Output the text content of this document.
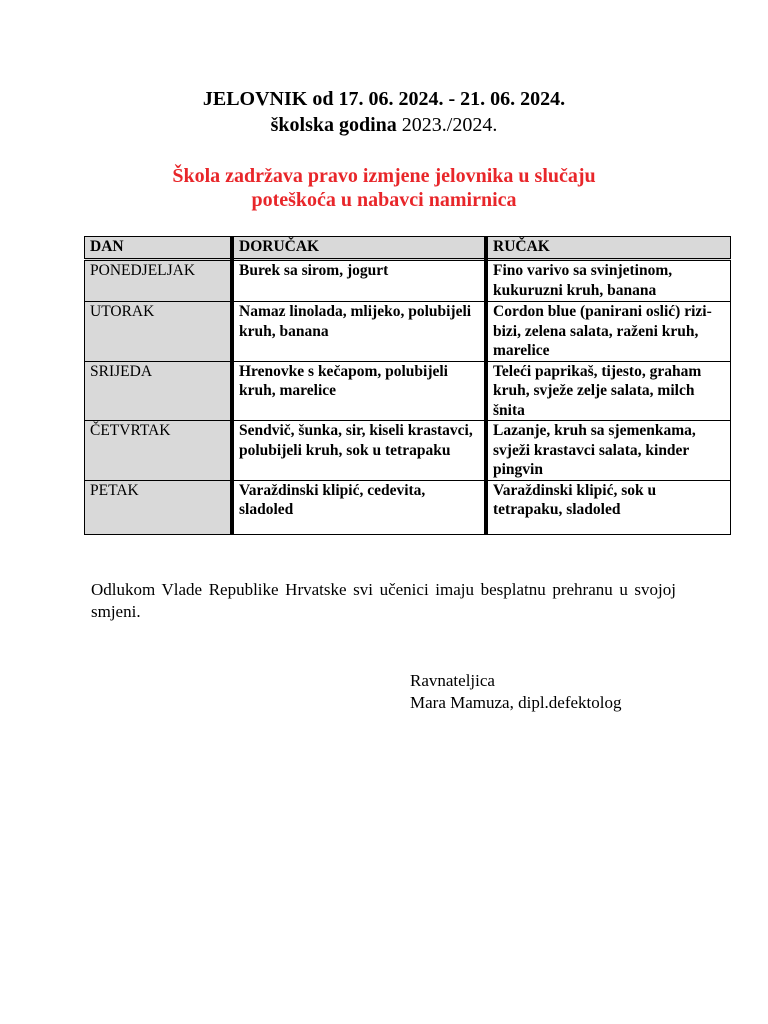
JELOVNIK od 17. 06. 2024. - 21. 06. 2024.
školska godina 2023./2024.
Škola zadržava pravo izmjene jelovnika u slučaju
poteškoća u nabavci namirnica
DAN	DORUČAK	RUČAK
PONEDJELJAK	Burek sa sirom, jogurt	Fino varivo sa svinjetinom, kukuruzni kruh, banana
UTORAK	Namaz linolada, mlijeko, polubijeli kruh, banana	Cordon blue (panirani oslić) rizi-bizi, zelena salata, raženi kruh, marelice
SRIJEDA	Hrenovke s kečapom, polubijeli kruh, marelice	Teleći paprikaš, tijesto, graham kruh, svježe zelje salata, milch šnita
ČETVRTAK	Sendvič, šunka, sir, kiseli krastavci, polubijeli kruh, sok u tetrapaku	Lazanje, kruh sa sjemenkama, svježi krastavci salata, kinder pingvin
PETAK	Varaždinski klipić, cedevita, sladoled	Varaždinski klipić, sok u tetrapaku, sladoled
Odlukom Vlade Republike Hrvatske svi učenici imaju besplatnu prehranu u svojoj smjeni.
Ravnateljica
Mara Mamuza, dipl.defektolog
